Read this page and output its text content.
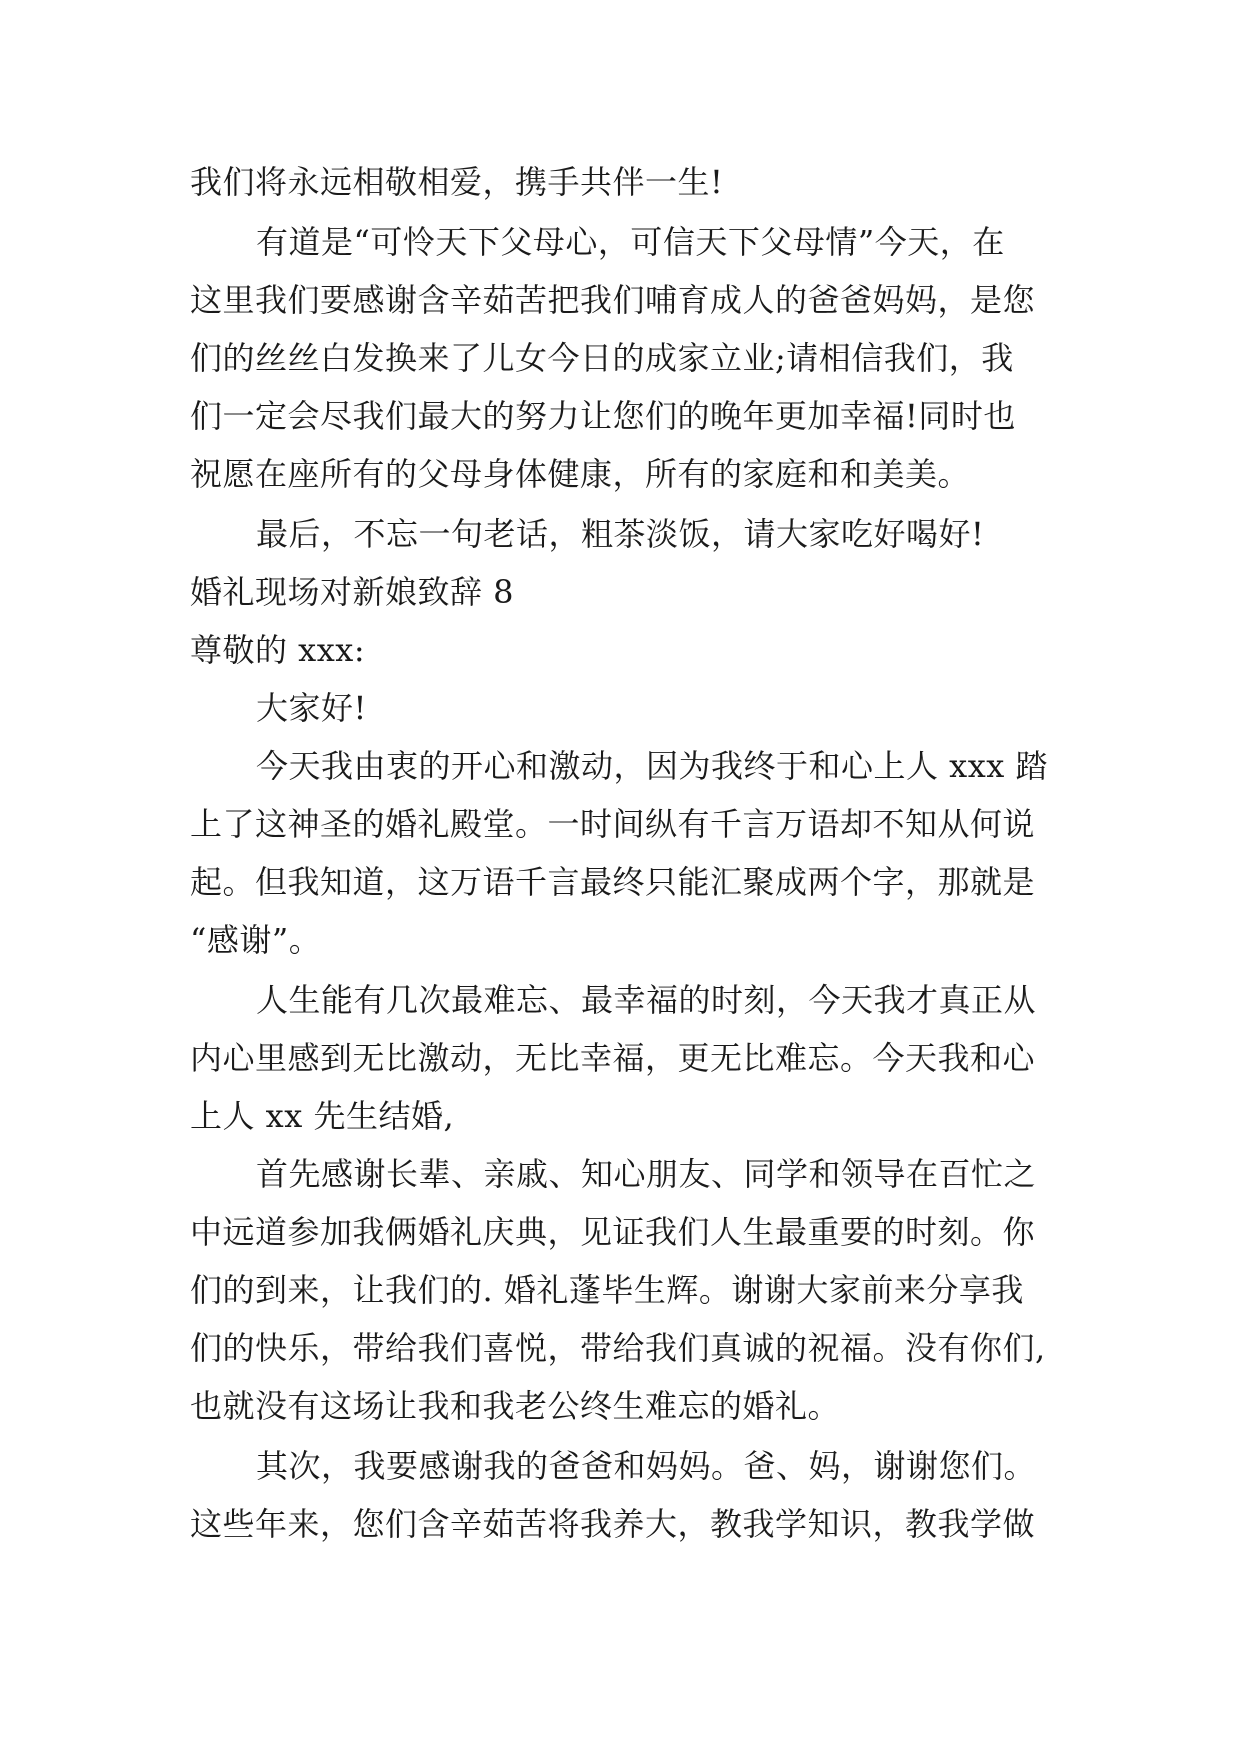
我们将永远相敬相爱，携手共伴一生!

有道是“可怜天下父母心，可信天下父母情”今天，在

这里我们要感谢含辛茹苦把我们哺育成人的爸爸妈妈，是您

们的丝丝白发换来了儿女今日的成家立业;请相信我们，我

们一定会尽我们最大的努力让您们的晚年更加幸福!同时也

祝愿在座所有的父母身体健康，所有的家庭和和美美。

最后，不忘一句老话，粗茶淡饭，请大家吃好喝好!

婚礼现场对新娘致辞 8

尊敬的 xxx:

大家好!

今天我由衷的开心和激动，因为我终于和心上人 xxx 踏

上了这神圣的婚礼殿堂。一时间纵有千言万语却不知从何说

起。但我知道，这万语千言最终只能汇聚成两个字，那就是

“感谢”。

人生能有几次最难忘、最幸福的时刻，今天我才真正从

内心里感到无比激动，无比幸福，更无比难忘。今天我和心

上人 xx 先生结婚,

首先感谢长辈、亲戚、知心朋友、同学和领导在百忙之

中远道参加我俩婚礼庆典，见证我们人生最重要的时刻。你

们的到来，让我们的. 婚礼蓬毕生辉。谢谢大家前来分享我

们的快乐，带给我们喜悦，带给我们真诚的祝福。没有你们,

也就没有这场让我和我老公终生难忘的婚礼。

其次，我要感谢我的爸爸和妈妈。爸、妈，谢谢您们。

这些年来，您们含辛茹苦将我养大，教我学知识，教我学做
